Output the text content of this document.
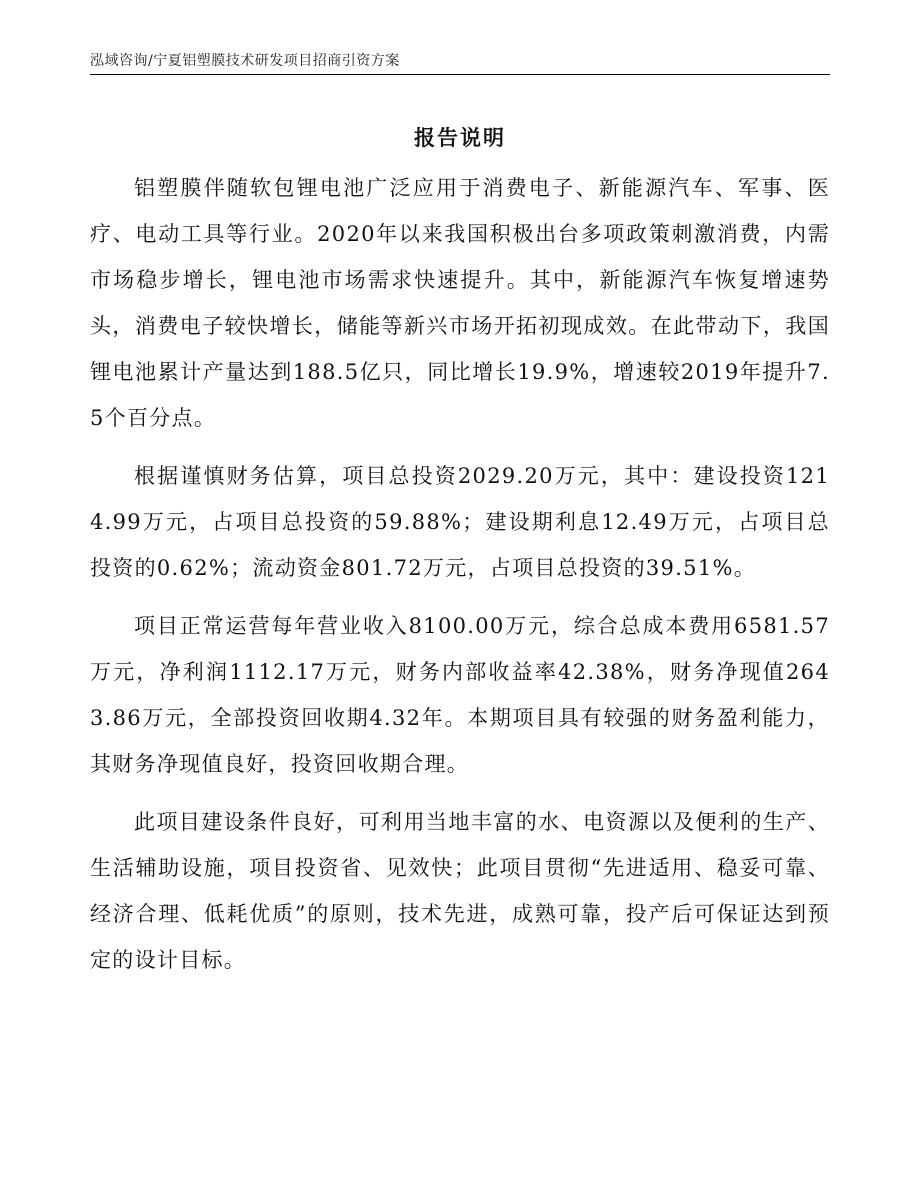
泓域咨询/宁夏铝塑膜技术研发项目招商引资方案
报告说明

铝塑膜伴随软包锂电池广泛应用于消费电子、新能源汽车、军事、医疗、电动工具等行业。2020年以来我国积极出台多项政策刺激消费，内需市场稳步增长，锂电池市场需求快速提升。其中，新能源汽车恢复增速势头，消费电子较快增长，储能等新兴市场开拓初现成效。在此带动下，我国锂电池累计产量达到188.5亿只，同比增长19.9%，增速较2019年提升7.5个百分点。

根据谨慎财务估算，项目总投资2029.20万元，其中：建设投资1214.99万元，占项目总投资的59.88%；建设期利息12.49万元，占项目总投资的0.62%；流动资金801.72万元，占项目总投资的39.51%。

项目正常运营每年营业收入8100.00万元，综合总成本费用6581.57万元，净利润1112.17万元，财务内部收益率42.38%，财务净现值2643.86万元，全部投资回收期4.32年。本期项目具有较强的财务盈利能力，其财务净现值良好，投资回收期合理。

此项目建设条件良好，可利用当地丰富的水、电资源以及便利的生产、生活辅助设施，项目投资省、见效快；此项目贯彻“先进适用、稳妥可靠、经济合理、低耗优质”的原则，技术先进，成熟可靠，投产后可保证达到预定的设计目标。
